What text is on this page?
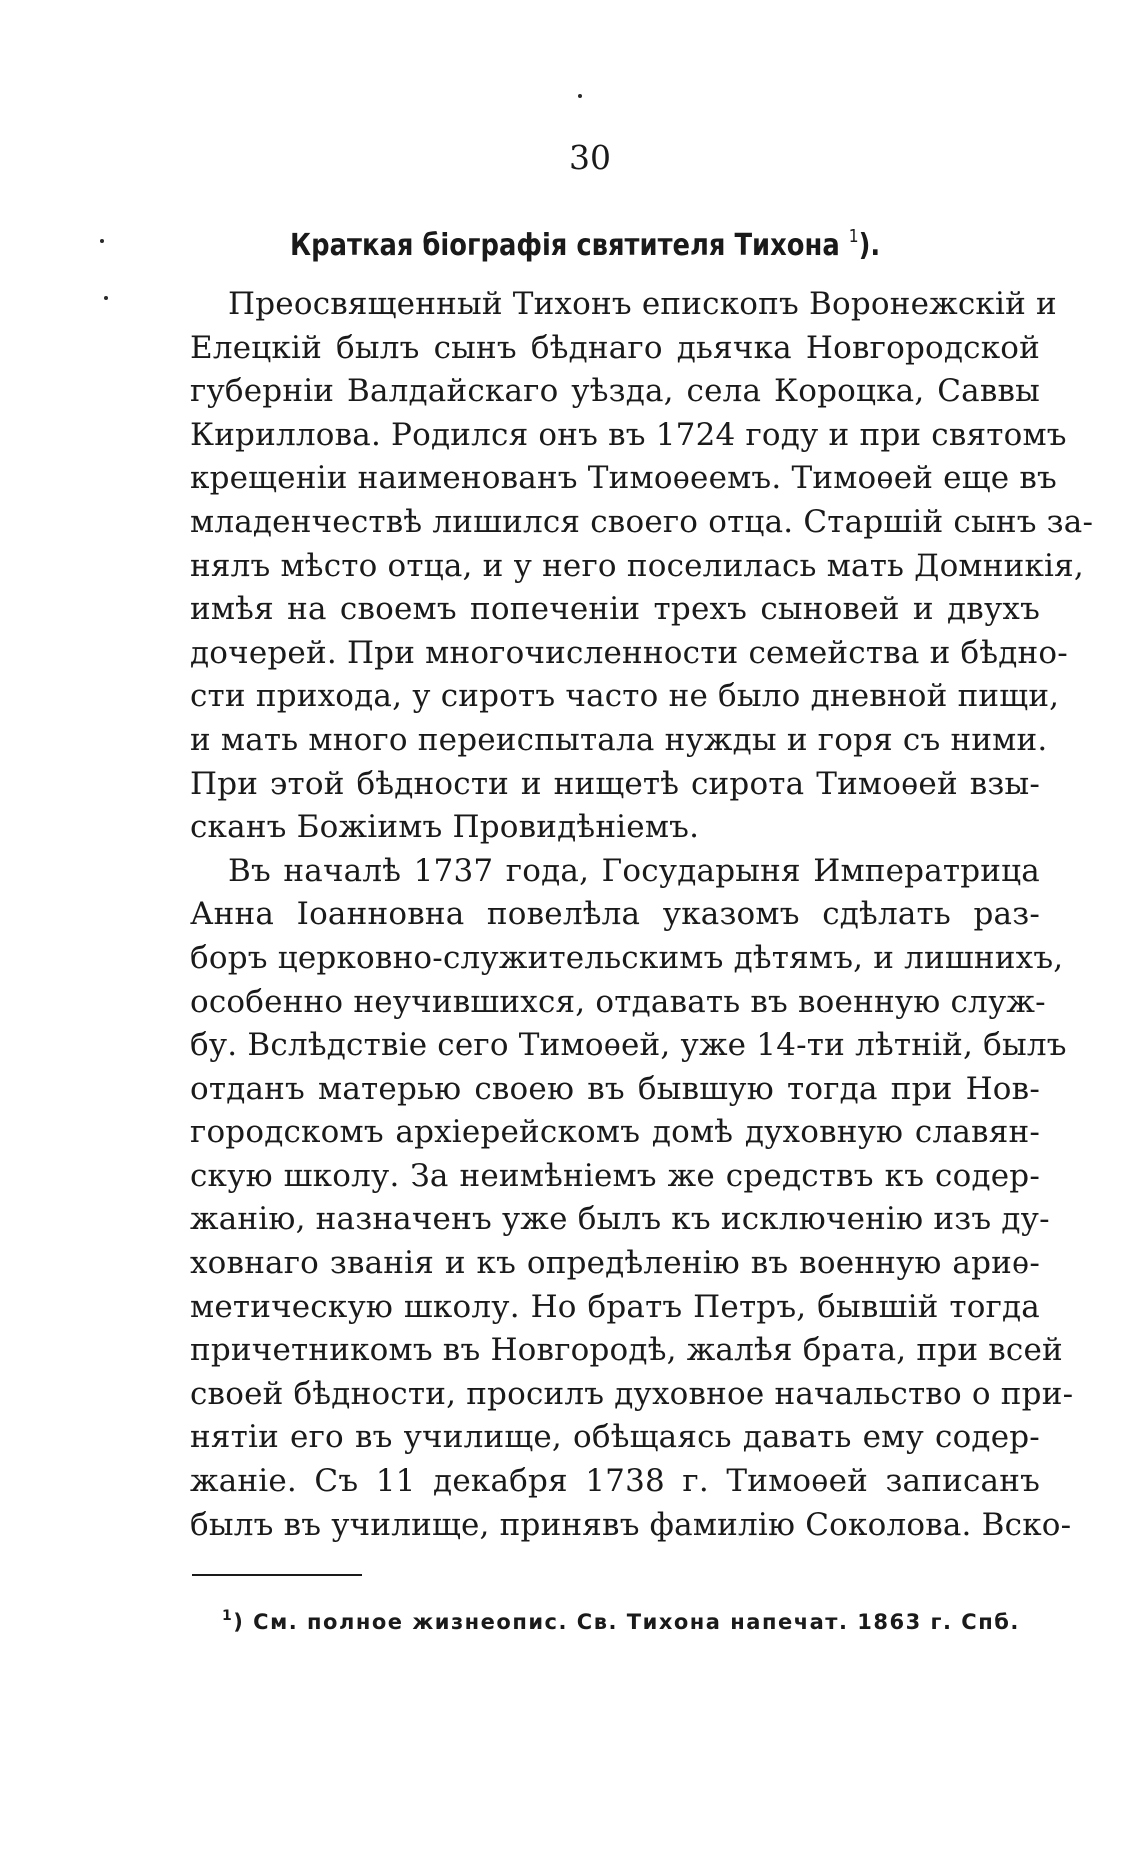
30
Краткая біографія святителя Тихона $^1$).
Преосвященный Тихонъ епископъ Воронежскій и
Елецкій былъ сынъ бѣднаго дьячка Новгородской
губерніи Валдайскаго уѣзда, села Короцка, Саввы
Кириллова. Родился онъ въ 1724 году и при святомъ
крещеніи наименованъ Тимоѳеемъ. Тимоѳей еще въ
младенчествѣ лишился своего отца. Старшій сынъ за-
нялъ мѣсто отца, и у него поселилась мать Домникія,
имѣя на своемъ попеченіи трехъ сыновей и двухъ
дочерей. При многочисленности семейства и бѣдно-
сти прихода, у сиротъ часто не было дневной пищи,
и мать много переиспытала нужды и горя съ ними.
При этой бѣдности и нищетѣ сирота Тимоѳей взы-
сканъ Божіимъ Провидѣніемъ.
Въ началѣ 1737 года, Государыня Императрица
Анна Іоанновна повелѣла указомъ сдѣлать раз-
боръ церковно-служительскимъ дѣтямъ, и лишнихъ,
особенно неучившихся, отдавать въ военную служ-
бу. Вслѣдствіе сего Тимоѳей, уже 14-ти лѣтній, былъ
отданъ матерью своею въ бывшую тогда при Нов-
городскомъ архіерейскомъ домѣ духовную славян-
скую школу. За неимѣніемъ же средствъ къ содер-
жанію, назначенъ уже былъ къ исключенію изъ ду-
ховнаго званія и къ опредѣленію въ военную ариѳ-
метическую школу. Но братъ Петръ, бывшій тогда
причетникомъ въ Новгородѣ, жалѣя брата, при всей
своей бѣдности, просилъ духовное начальство о при-
нятіи его въ училище, обѣщаясь давать ему содер-
жаніе. Съ 11 декабря 1738 г. Тимоѳей записанъ
былъ въ училище, принявъ фамилію Соколова. Вско-
$^1$) См. полное жизнеопис. Св. Тихона напечат. 1863 г. Спб.
